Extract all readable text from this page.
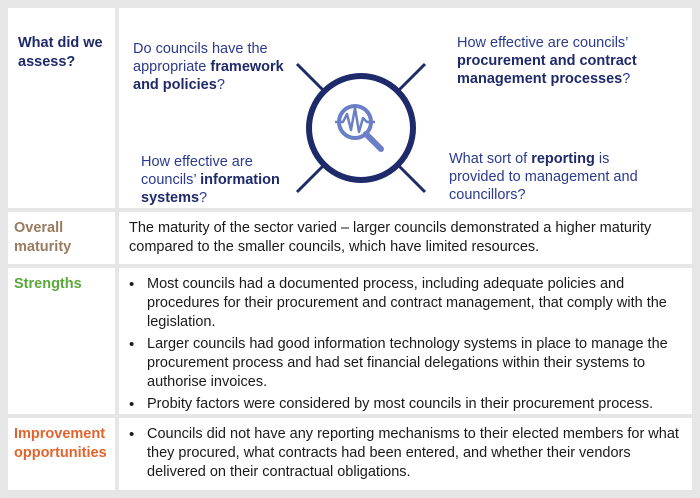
What did we
assess?
Do councils have the appropriate framework and policies?
How effective are councils’ procurement and contract management processes?
How effective are councils’ information systems?
What sort of reporting is provided to management and councillors?
Overall
maturity
The maturity of the sector varied – larger councils demonstrated a higher maturity compared to the smaller councils, which have limited resources.
Strengths
•	Most councils had a documented process, including adequate policies and procedures for their procurement and contract management, that comply with the legislation.
• Larger councils had good information technology systems in place to manage the procurement process and had set financial delegations within their systems to authorise invoices.
• Probity factors were considered by most councils in their procurement process.
Improvement
opportunities
• Councils did not have any reporting mechanisms to their elected members for what they procured, what contracts had been entered, and whether their vendors delivered on their contractual obligations.
